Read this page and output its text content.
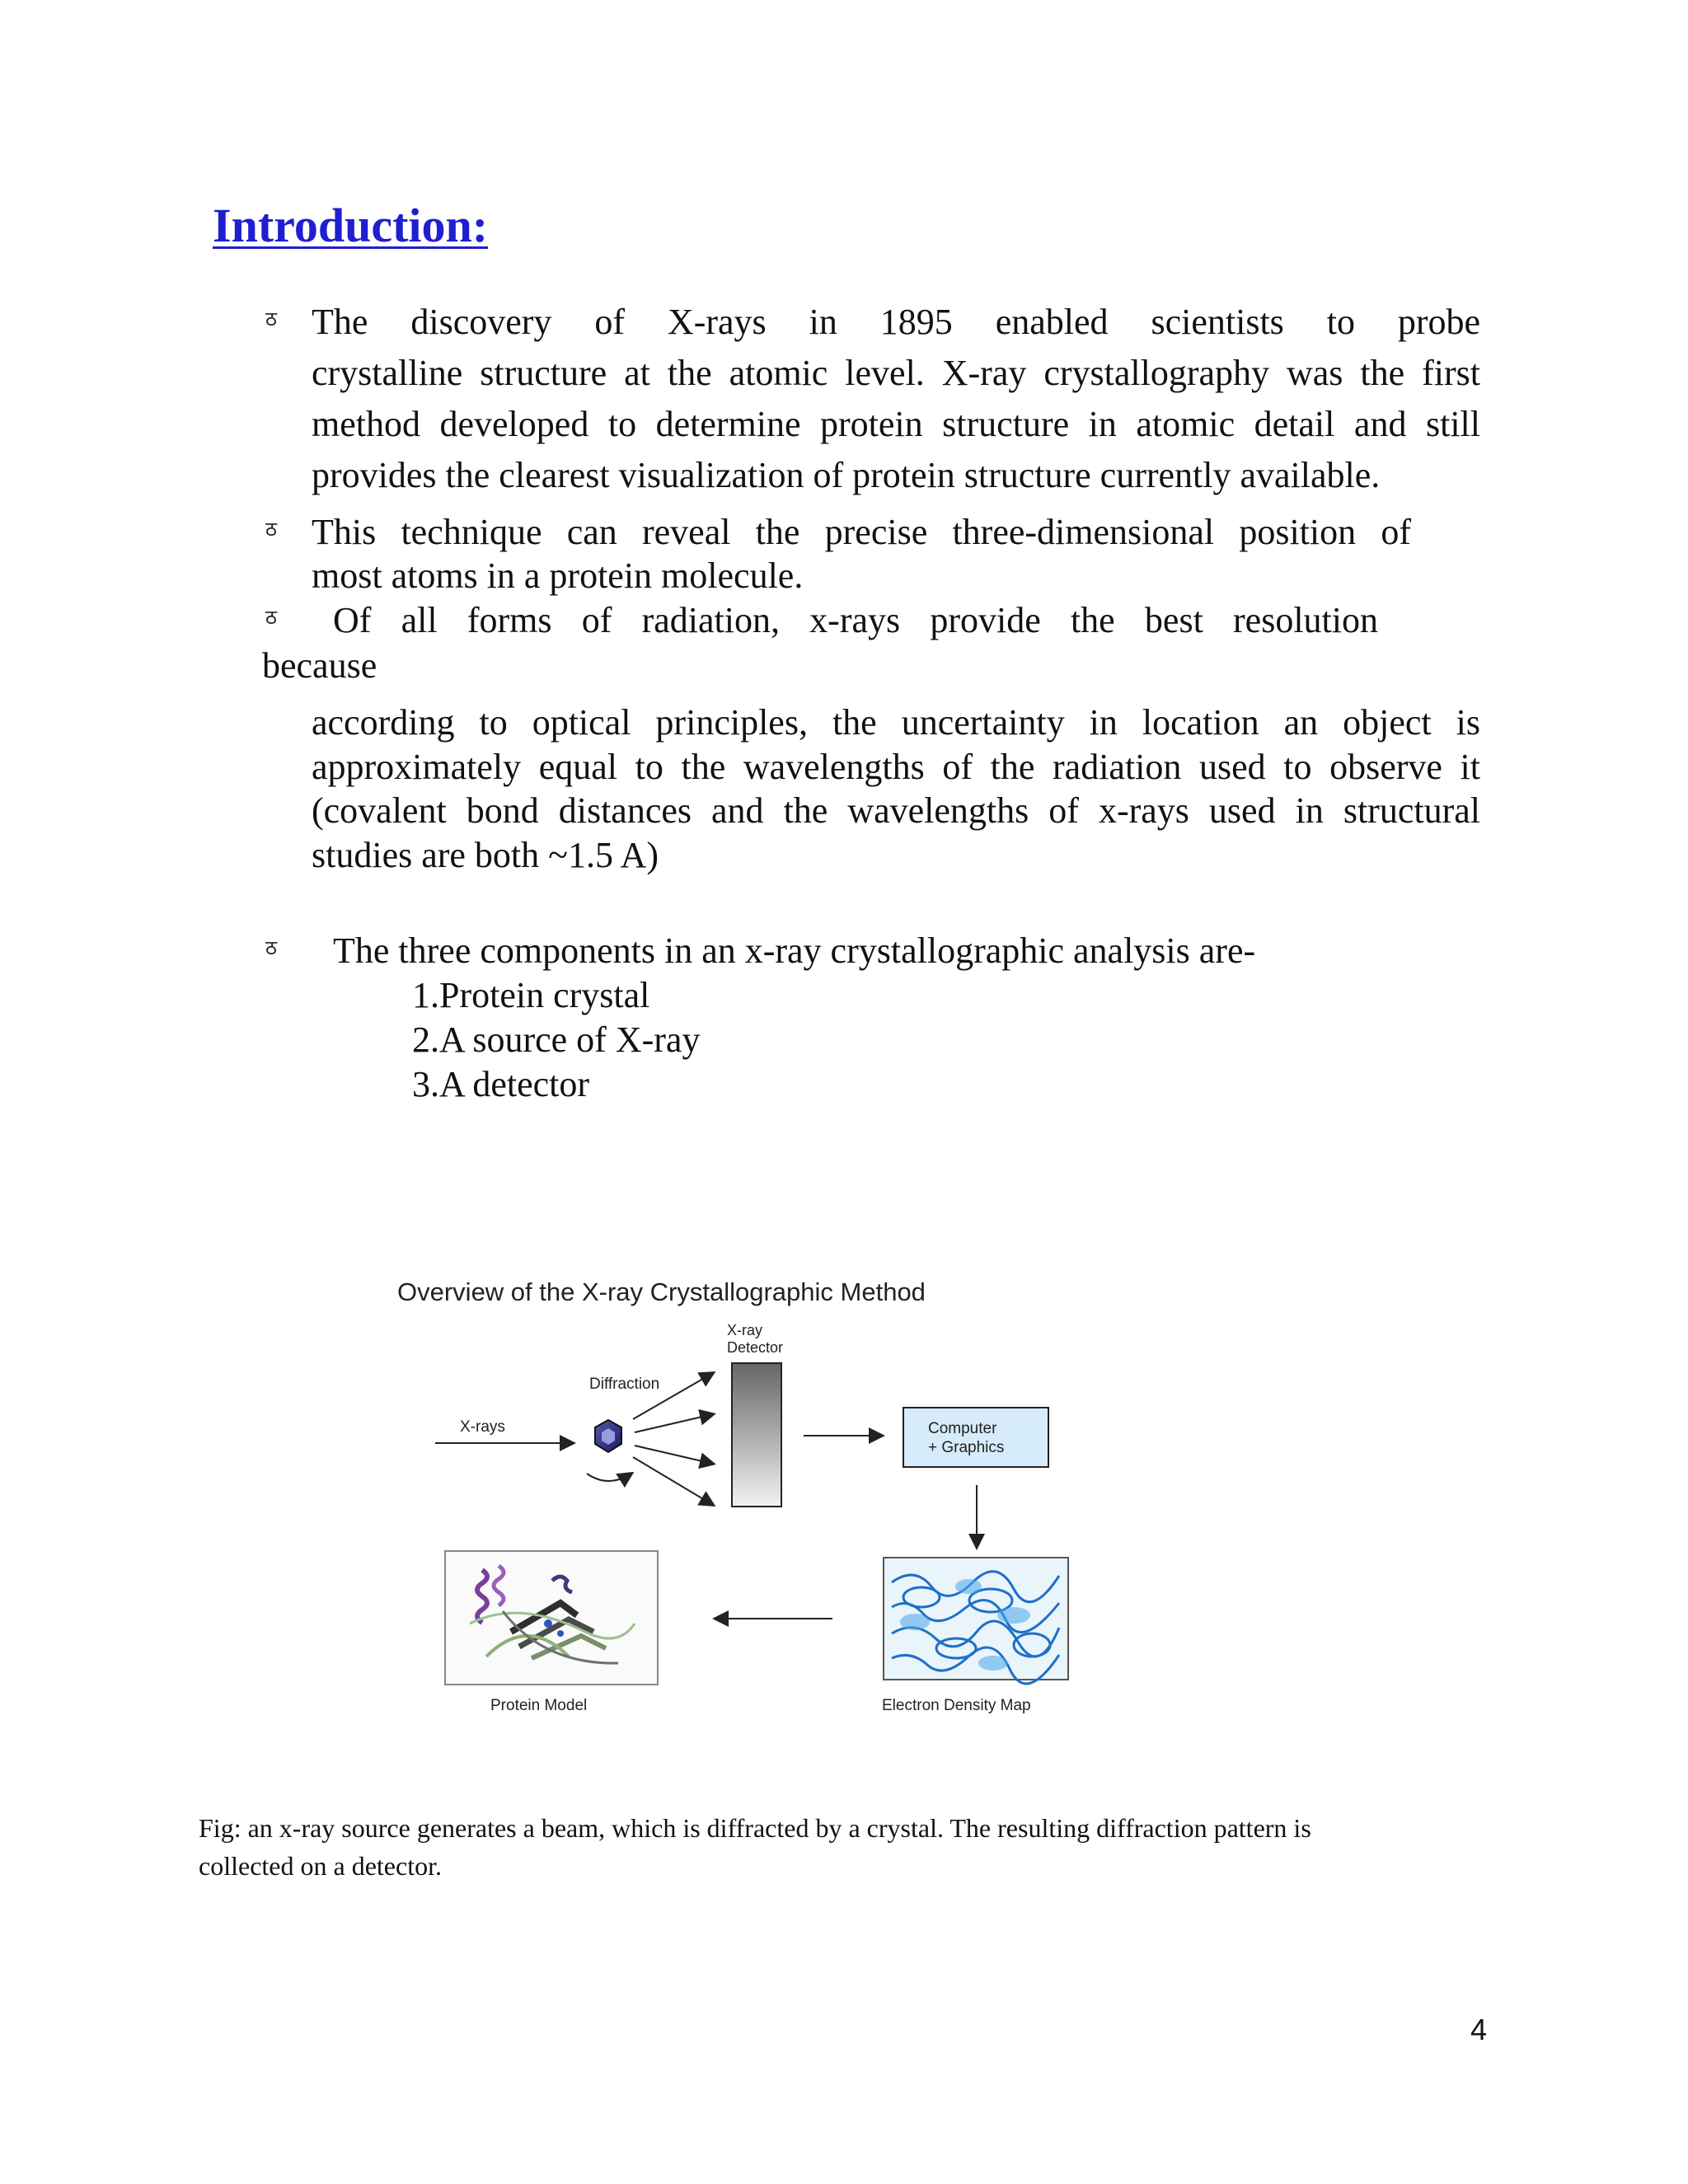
Introduction:
ठ The discovery of X-rays in 1895 enabled scientists to probe
crystalline structure at the atomic level. X-ray crystallography was the first
method developed to determine protein structure in atomic detail and still
provides the clearest visualization of protein structure currently available.
ठ This technique can reveal the precise three-dimensional position of
most atoms in a protein molecule.
ठ Of all forms of radiation, x-rays provide the best resolution
because
according to optical principles, the uncertainty in location an object is
approximately equal to the wavelengths of the radiation used to observe it
(covalent bond distances and the wavelengths of x-rays used in structural
studies are both ~1.5 A)
ठ The three components in an x-ray crystallographic analysis are-
1.Protein crystal
2.A source of X-ray
3.A detector
Overview of the X-ray Crystallographic Method
X-rays
Diffraction
X-ray
Detector
Computer
+ Graphics
Electron Density Map
Protein Model
Fig: an x-ray source generates a beam, which is diffracted by a crystal. The resulting diffraction pattern is
collected on a detector.
4
